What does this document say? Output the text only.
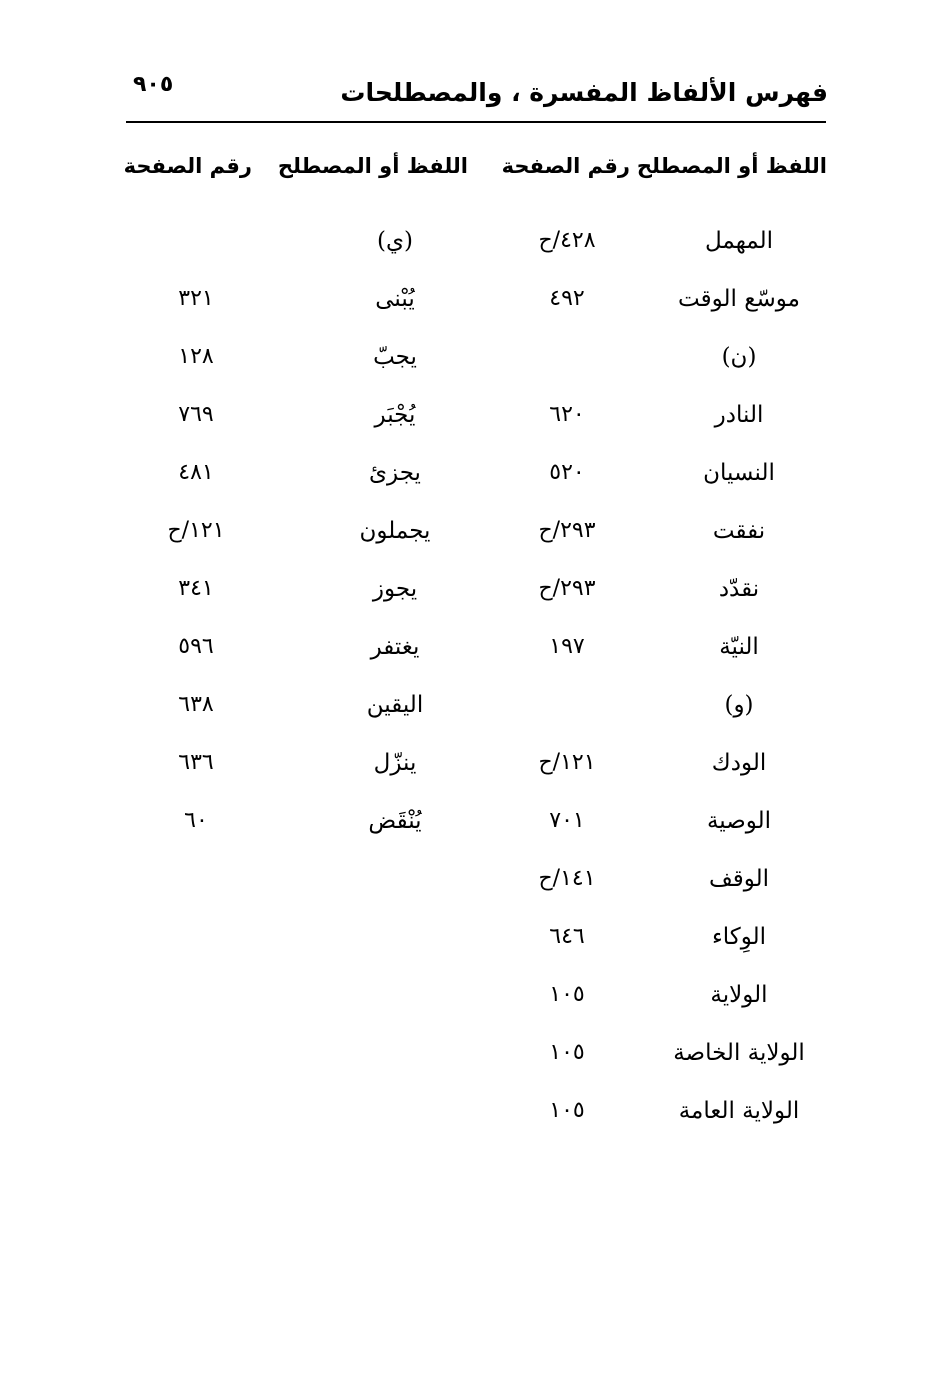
فهرس الألفاظ المفسرة ، والمصطلحات
٩٠٥
اللفظ أو المصطلح
رقم الصفحة
اللفظ أو المصطلح
رقم الصفحة
المهمل
٤٢٨/ح
موسّع الوقت
٤٩٢
(ن)
النادر
٦٢٠
النسيان
٥٢٠
نفقت
٢٩٣/ح
نقدّد
٢٩٣/ح
النيّة
١٩٧
(و)
الودك
١٢١/ح
الوصية
٧٠١
الوقف
١٤١/ح
الوِكاء
٦٤٦
الولاية
١٠٥
الولاية الخاصة
١٠٥
الولاية العامة
١٠٥
(ي)
يُبْنى
٣٢١
يجبّ
١٢٨
يُجْبَر
٧٦٩
يجزئ
٤٨١
يجملون
١٢١/ح
يجوز
٣٤١
يغتفر
٥٩٦
اليقين
٦٣٨
ينزّل
٦٣٦
يُنْقَض
٦٠
